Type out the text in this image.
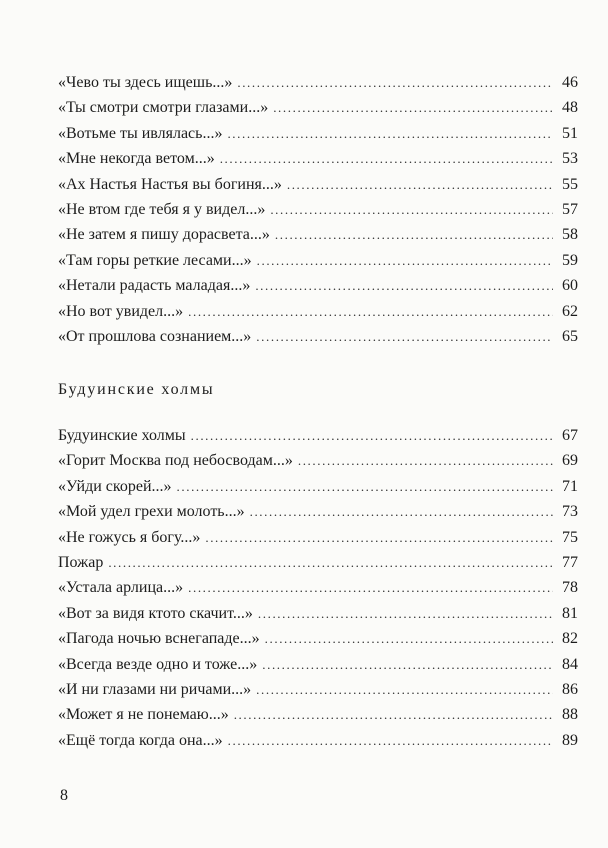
«Чево ты здесь ищешь...» .....	46
«Ты смотри смотри глазами...» .....	48
«Вотьме ты ивлялась...» .....	51
«Мне некогда ветом...» .....	53
«Ах Настья Настья вы богиня...» .....	55
«Не втом где тебя я у видел...» .....	57
«Не затем я пишу дорасвета...» .....	58
«Там горы реткие лесами...» .....	59
«Нетали радасть маладая...» .....	60
«Но вот увидел...» .....	62
«От прошлова сознанием...» .....	65
Будуинские холмы
Будуинские холмы .....	67
«Горит Москва под небосводам...» .....	69
«Уйди скорей...» .....	71
«Мой удел грехи молоть...» .....	73
«Не гожусь я богу...» .....	75
Пожар .....	77
«Устала арлица...» .....	78
«Вот за видя ктото скачит...» .....	81
«Пагода ночью вснегападе...» .....	82
«Всегда везде одно и тоже...» .....	84
«И ни глазами ни ричами...» .....	86
«Может я не понемаю...» .....	88
«Ещё тогда когда она...» .....	89
8
